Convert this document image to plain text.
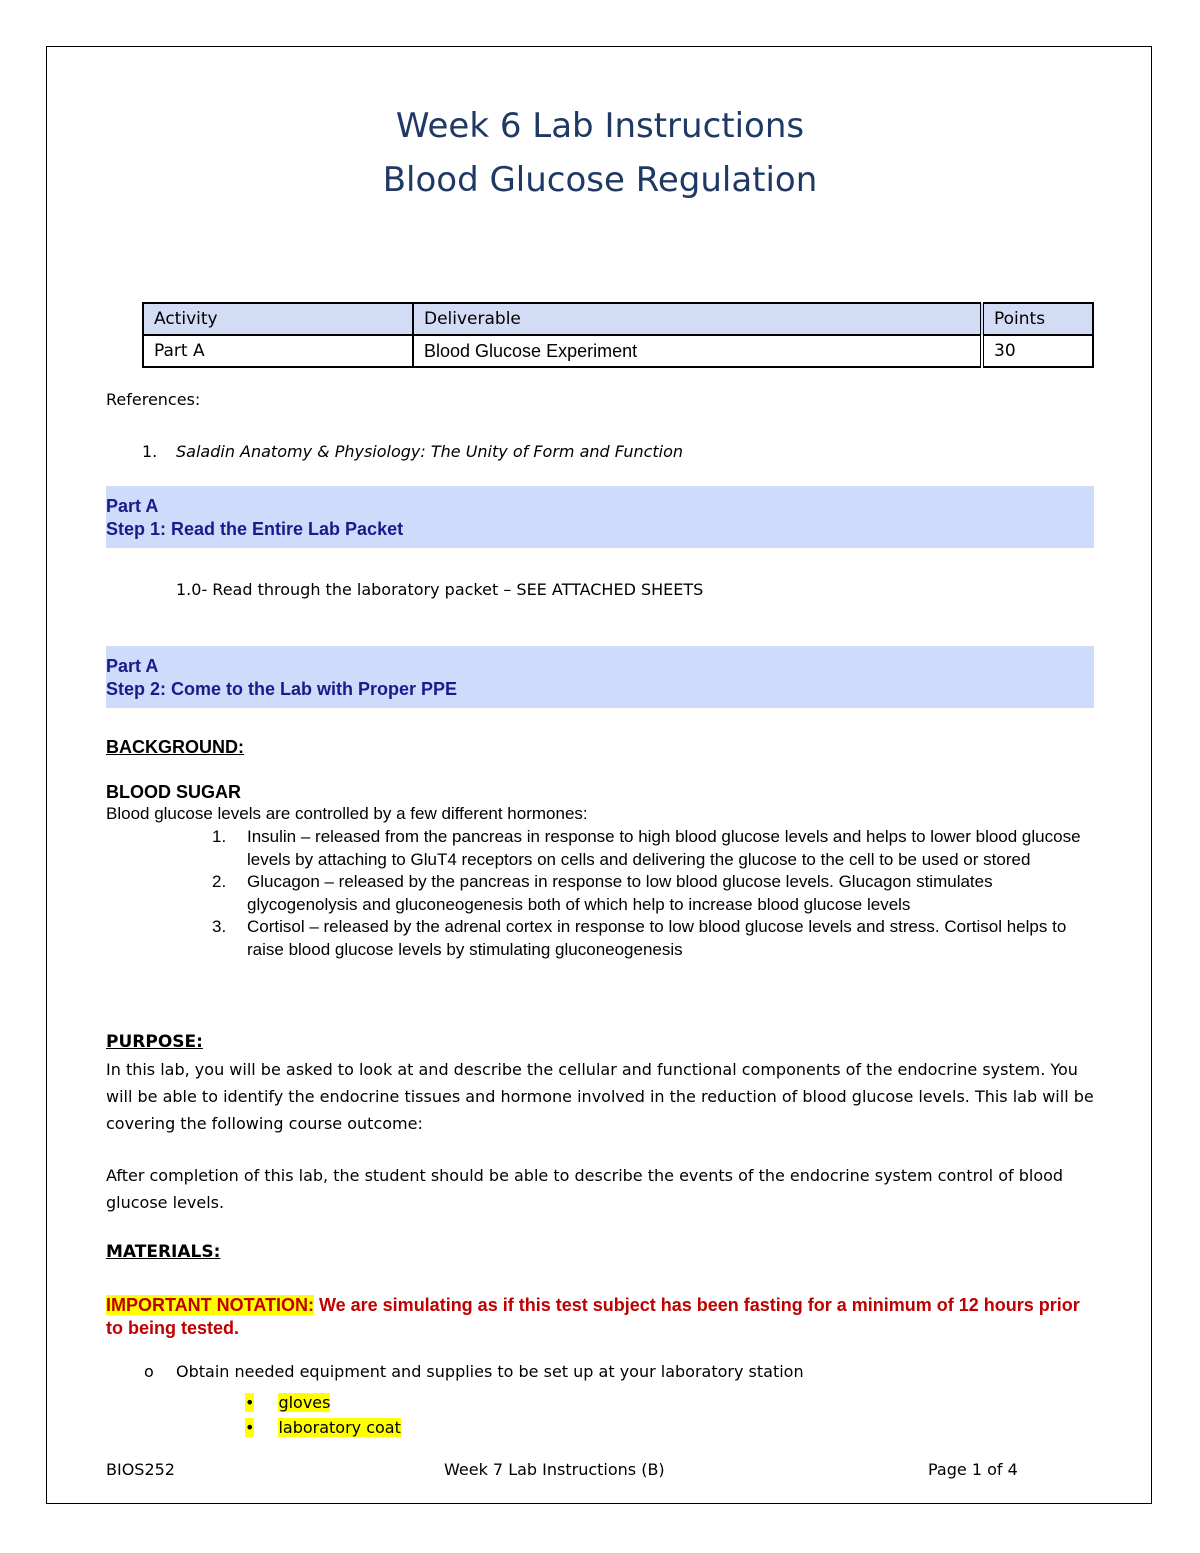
Week 6 Lab Instructions
Blood Glucose Regulation
Activity	Deliverable	Points
Part A	Blood Glucose Experiment	30
References:
1. Saladin Anatomy & Physiology: The Unity of Form and Function
Part A
Step 1: Read the Entire Lab Packet
1.0- Read through the laboratory packet – SEE ATTACHED SHEETS
Part A
Step 2: Come to the Lab with Proper PPE
BACKGROUND:
BLOOD SUGAR
Blood glucose levels are controlled by a few different hormones:
1. Insulin – released from the pancreas in response to high blood glucose levels and helps to lower blood glucose levels by attaching to GluT4 receptors on cells and delivering the glucose to the cell to be used or stored
2. Glucagon – released by the pancreas in response to low blood glucose levels. Glucagon stimulates glycogenolysis and gluconeogenesis both of which help to increase blood glucose levels
3. Cortisol – released by the adrenal cortex in response to low blood glucose levels and stress. Cortisol helps to raise blood glucose levels by stimulating gluconeogenesis
PURPOSE:
In this lab, you will be asked to look at and describe the cellular and functional components of the endocrine system. You will be able to identify the endocrine tissues and hormone involved in the reduction of blood glucose levels. This lab will be covering the following course outcome:
After completion of this lab, the student should be able to describe the events of the endocrine system control of blood glucose levels.
MATERIALS:
IMPORTANT NOTATION: We are simulating as if this test subject has been fasting for a minimum of 12 hours prior to being tested.
o Obtain needed equipment and supplies to be set up at your laboratory station
• gloves
• laboratory coat
BIOS252	Week 7 Lab Instructions (B)	Page 1 of 4
